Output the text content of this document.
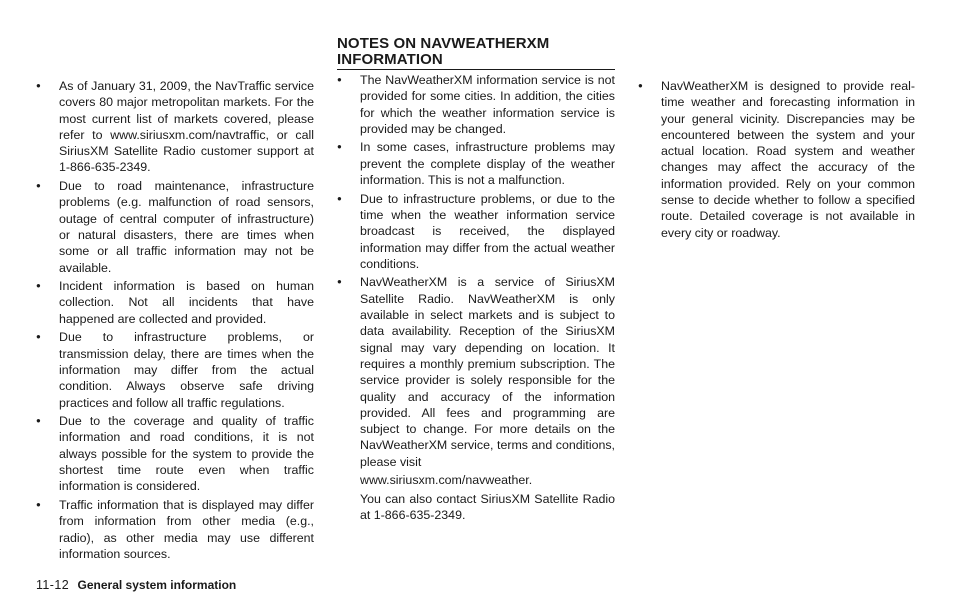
● As of January 31, 2009, the NavTraffic service covers 80 major metropolitan markets. For the most current list of markets covered, please refer to www.siriusxm.com/navtraffic, or call SiriusXM Satellite Radio customer support at 1-866-635-2349.
● Due to road maintenance, infrastructure problems (e.g. malfunction of road sensors, outage of central computer of infrastructure) or natural disasters, there are times when some or all traffic information may not be available.
● Incident information is based on human collection. Not all incidents that have happened are collected and provided.
● Due to infrastructure problems, or transmission delay, there are times when the information may differ from the actual condition. Always observe safe driving practices and follow all traffic regulations.
● Due to the coverage and quality of traffic information and road conditions, it is not always possible for the system to provide the shortest time route even when traffic information is considered.
● Traffic information that is displayed may differ from information from other media (e.g., radio), as other media may use different information sources.
NOTES ON NAVWEATHERXM INFORMATION
● The NavWeatherXM information service is not provided for some cities. In addition, the cities for which the weather information service is provided may be changed.
● In some cases, infrastructure problems may prevent the complete display of the weather information. This is not a malfunction.
● Due to infrastructure problems, or due to the time when the weather information service broadcast is received, the displayed information may differ from the actual weather conditions.
● NavWeatherXM is a service of SiriusXM Satellite Radio. NavWeatherXM is only available in select markets and is subject to data availability. Reception of the SiriusXM signal may vary depending on location. It requires a monthly premium subscription. The service provider is solely responsible for the quality and accuracy of the information provided. All fees and programming are subject to change. For more details on the NavWeatherXM service, terms and conditions, please visit

www.siriusxm.com/navweather.

You can also contact SiriusXM Satellite Radio at 1-866-635-2349.

● NavWeatherXM is designed to provide real-time weather and forecasting information in your general vicinity. Discrepancies may be encountered between the system and your actual location. Road system and weather changes may affect the accuracy of the information provided. Rely on your common sense to decide whether to follow a specified route. Detailed coverage is not available in every city or roadway.
11-12 General system information
